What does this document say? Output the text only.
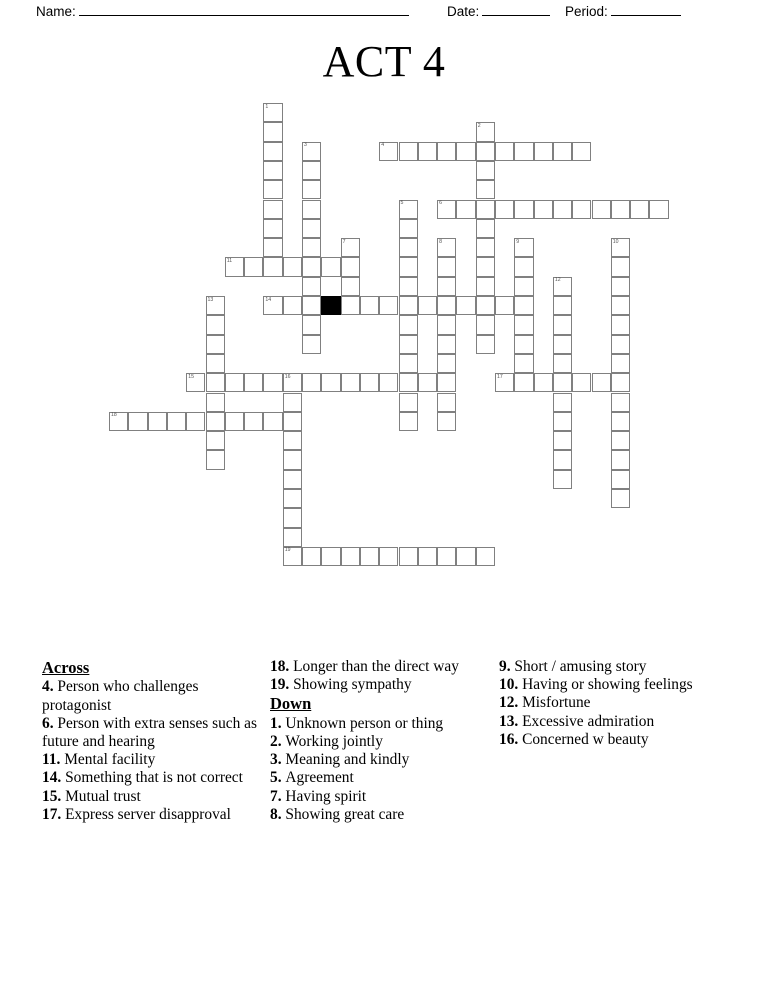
Name:	Date:	Period:
ACT 4
1
2
3	4
5	6
7	8	9	10
11
12
13	14
15	16	17
18
19
Across
4. Person who challenges protagonist
6. Person with extra senses such as future and hearing
11. Mental facility
14. Something that is not correct
15. Mutual trust
17. Express server disapproval
18. Longer than the direct way
19. Showing sympathy
Down
1. Unknown person or thing
2. Working jointly
3. Meaning and kindly
5. Agreement
7. Having spirit
8. Showing great care
9. Short / amusing story
10. Having or showing feelings
12. Misfortune
13. Excessive admiration
16. Concerned w beauty
